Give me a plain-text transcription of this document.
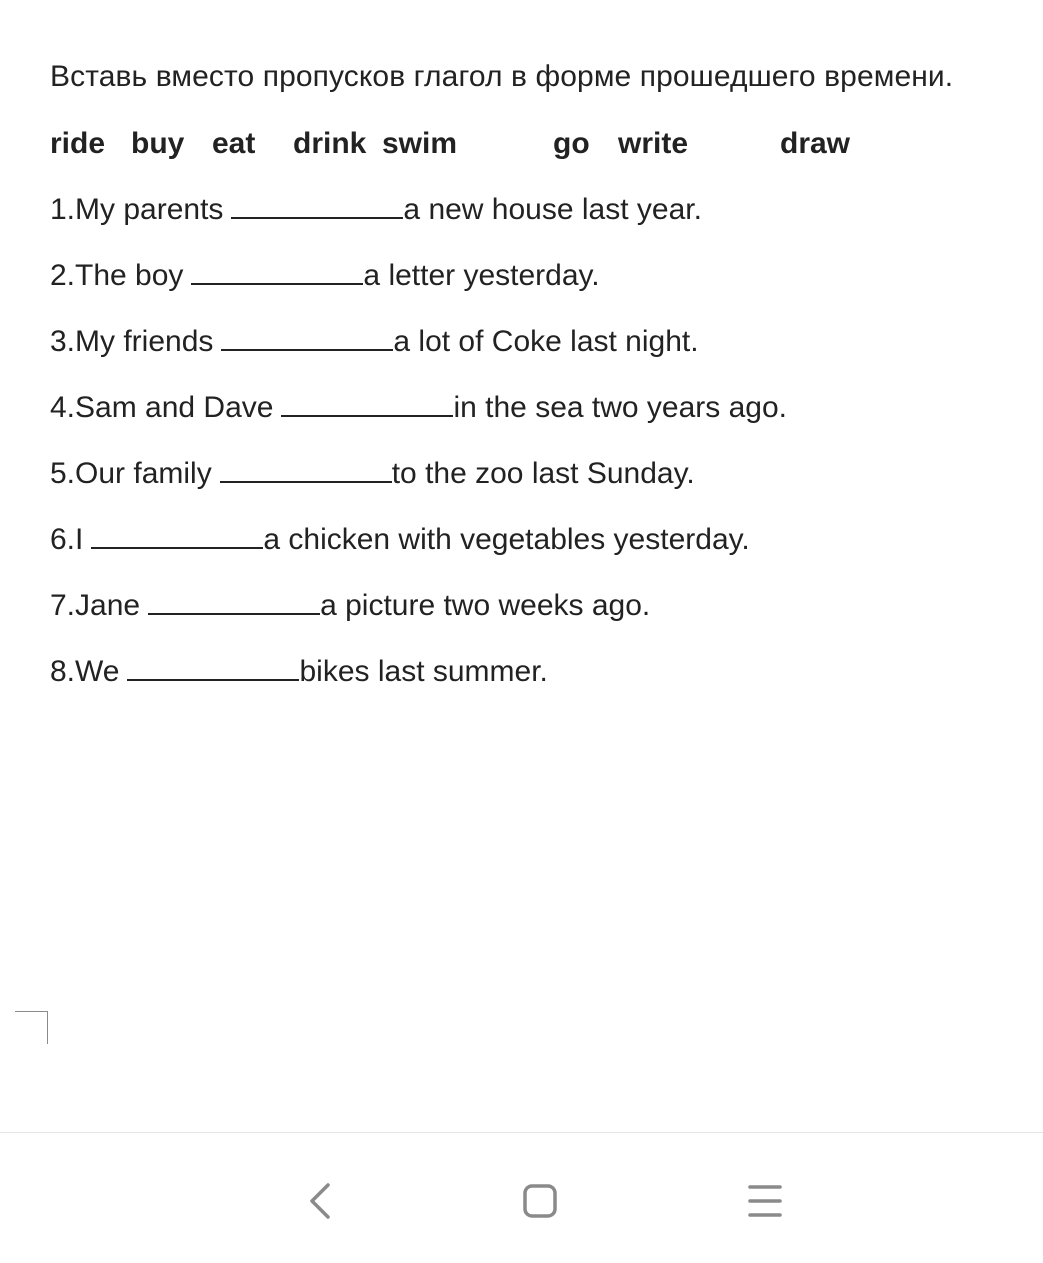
Вставь вместо пропусков глагол в форме прошедшего времени.
ride buy eat drink swim	go write	draw
1.My parents	a new house last year.
2.The boy	a letter yesterday.
3.My friends	a lot of Coke last night.
4.Sam and Dave	in the sea two years ago.
5.Our family	to the zoo last Sunday.
6.I	a chicken with vegetables yesterday.
7.Jane	a picture two weeks ago.
8.We	bikes last summer.
